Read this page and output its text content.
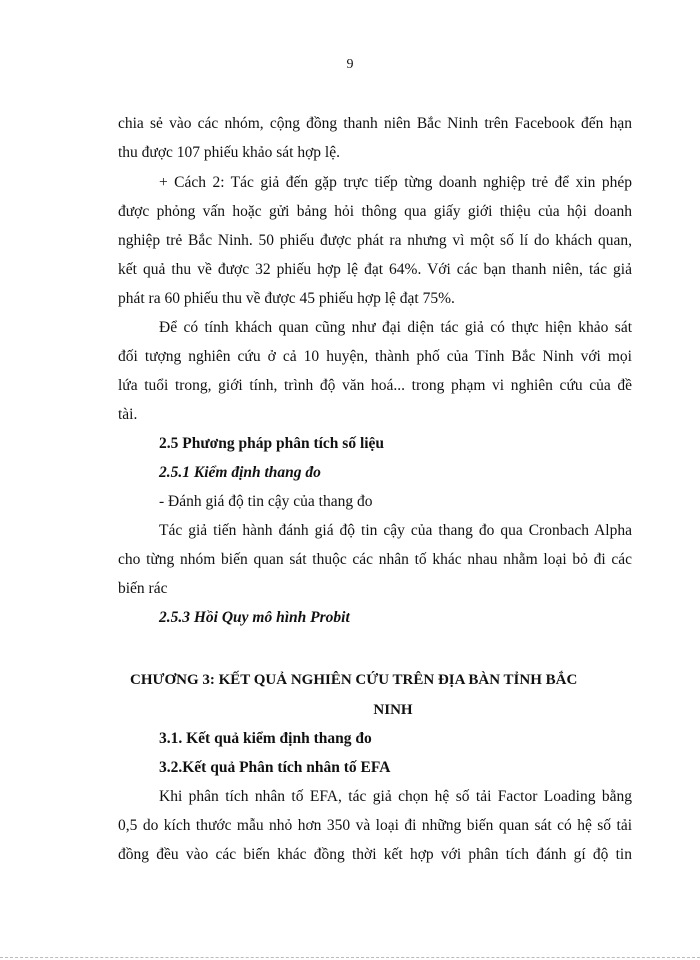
9
chia sẻ vào các nhóm, cộng đồng thanh niên Bắc Ninh trên Facebook đến hạn
thu được 107 phiếu khảo sát hợp lệ.
+ Cách 2: Tác giả đến gặp trực tiếp từng doanh nghiệp trẻ để xin phép
được phỏng vấn hoặc gửi bảng hỏi thông qua giấy giới thiệu của hội doanh
nghiệp trẻ Bắc Ninh. 50 phiếu được phát ra nhưng vì một số lí do khách quan,
kết quả thu về được 32 phiếu hợp lệ đạt 64%. Với các bạn thanh niên, tác giả
phát ra 60 phiếu thu về được 45 phiếu hợp lệ đạt 75%.
Để có tính khách quan cũng như đại diện tác giả có thực hiện khảo sát
đối tượng nghiên cứu ở cả 10 huyện, thành phố của Tỉnh Bắc Ninh với mọi
lứa tuổi trong, giới tính, trình độ văn hoá... trong phạm vi nghiên cứu của đề
tài.
2.5 Phương pháp phân tích số liệu
2.5.1 Kiểm định thang đo
- Đánh giá độ tin cậy của thang đo
Tác giả tiến hành đánh giá độ tin cậy của thang đo qua Cronbach Alpha
cho từng nhóm biến quan sát thuộc các nhân tố khác nhau nhằm loại bỏ đi các
biến rác
2.5.3 Hồi Quy mô hình Probit
CHƯƠNG 3: KẾT QUẢ NGHIÊN CỨU TRÊN ĐỊA BÀN TỈNH BẮC
NINH
3.1. Kết quả kiểm định thang đo
3.2.Kết quả Phân tích nhân tố EFA
Khi phân tích nhân tố EFA, tác giả chọn hệ số tải Factor Loading bằng
0,5 do kích thước mẫu nhỏ hơn 350 và loại đi những biến quan sát có hệ số tải
đồng đều vào các biến khác đồng thời kết hợp với phân tích đánh gí độ tin
